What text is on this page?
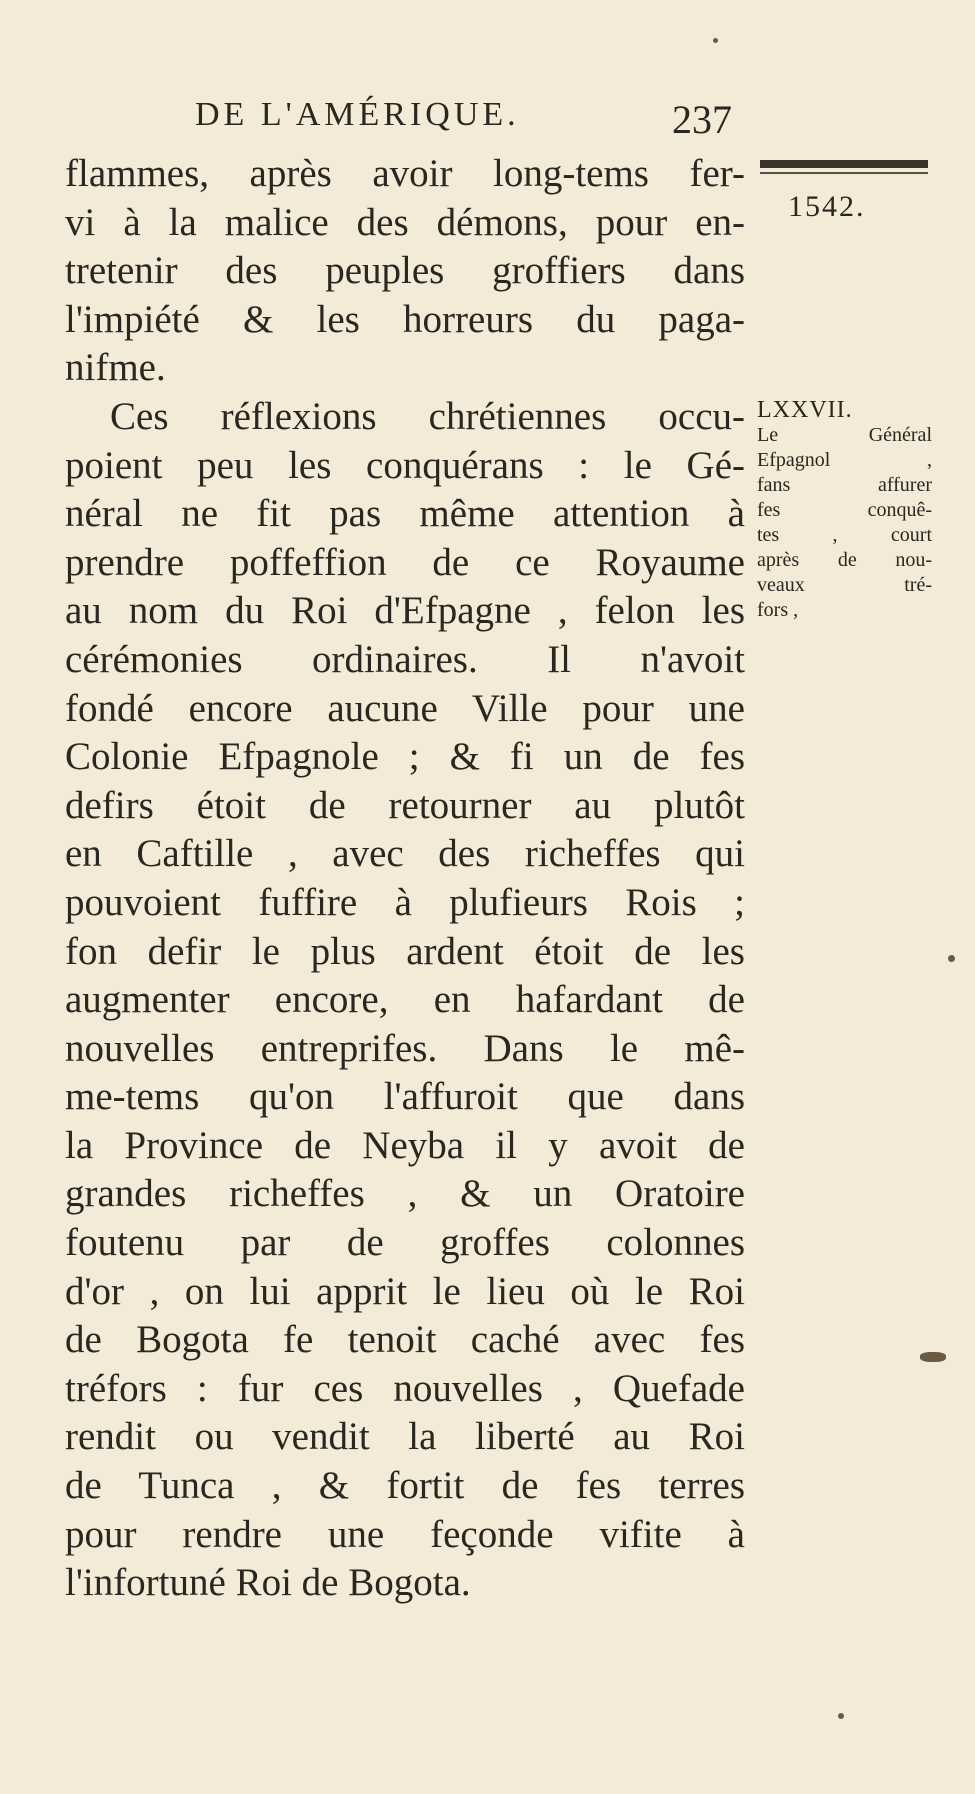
DE L'AMÉRIQUE.	237
1542.
flammes, après avoir long-tems fer-
vi à la malice des démons, pour en-
tretenir des peuples groffiers dans
l'impiété & les horreurs du paga-
nifme.
Ces réflexions chrétiennes occu-
poient peu les conquérans : le Gé-
néral ne fit pas même attention à
prendre poffeffion de ce Royaume
au nom du Roi d'Efpagne , felon les
cérémonies ordinaires. Il n'avoit
fondé encore aucune Ville pour une
Colonie Efpagnole ; & fi un de fes
defirs étoit de retourner au plutôt
en Caftille , avec des richeffes qui
pouvoient fuffire à plufieurs Rois ;
fon defir le plus ardent étoit de les
augmenter encore, en hafardant de
nouvelles entreprifes. Dans le mê-
me-tems qu'on l'affuroit que dans
la Province de Neyba il y avoit de
grandes richeffes , & un Oratoire
foutenu par de groffes colonnes
d'or , on lui apprit le lieu où le Roi
de Bogota fe tenoit caché avec fes
tréfors : fur ces nouvelles , Quefade
rendit ou vendit la liberté au Roi
de Tunca , & fortit de fes terres
pour rendre une feçonde vifite à
l'infortuné Roi de Bogota.
LXXVII.
Le Général
Efpagnol ,
fans affurer
fes conquê-
tes , court
après de nou-
veaux tré-
fors ,
